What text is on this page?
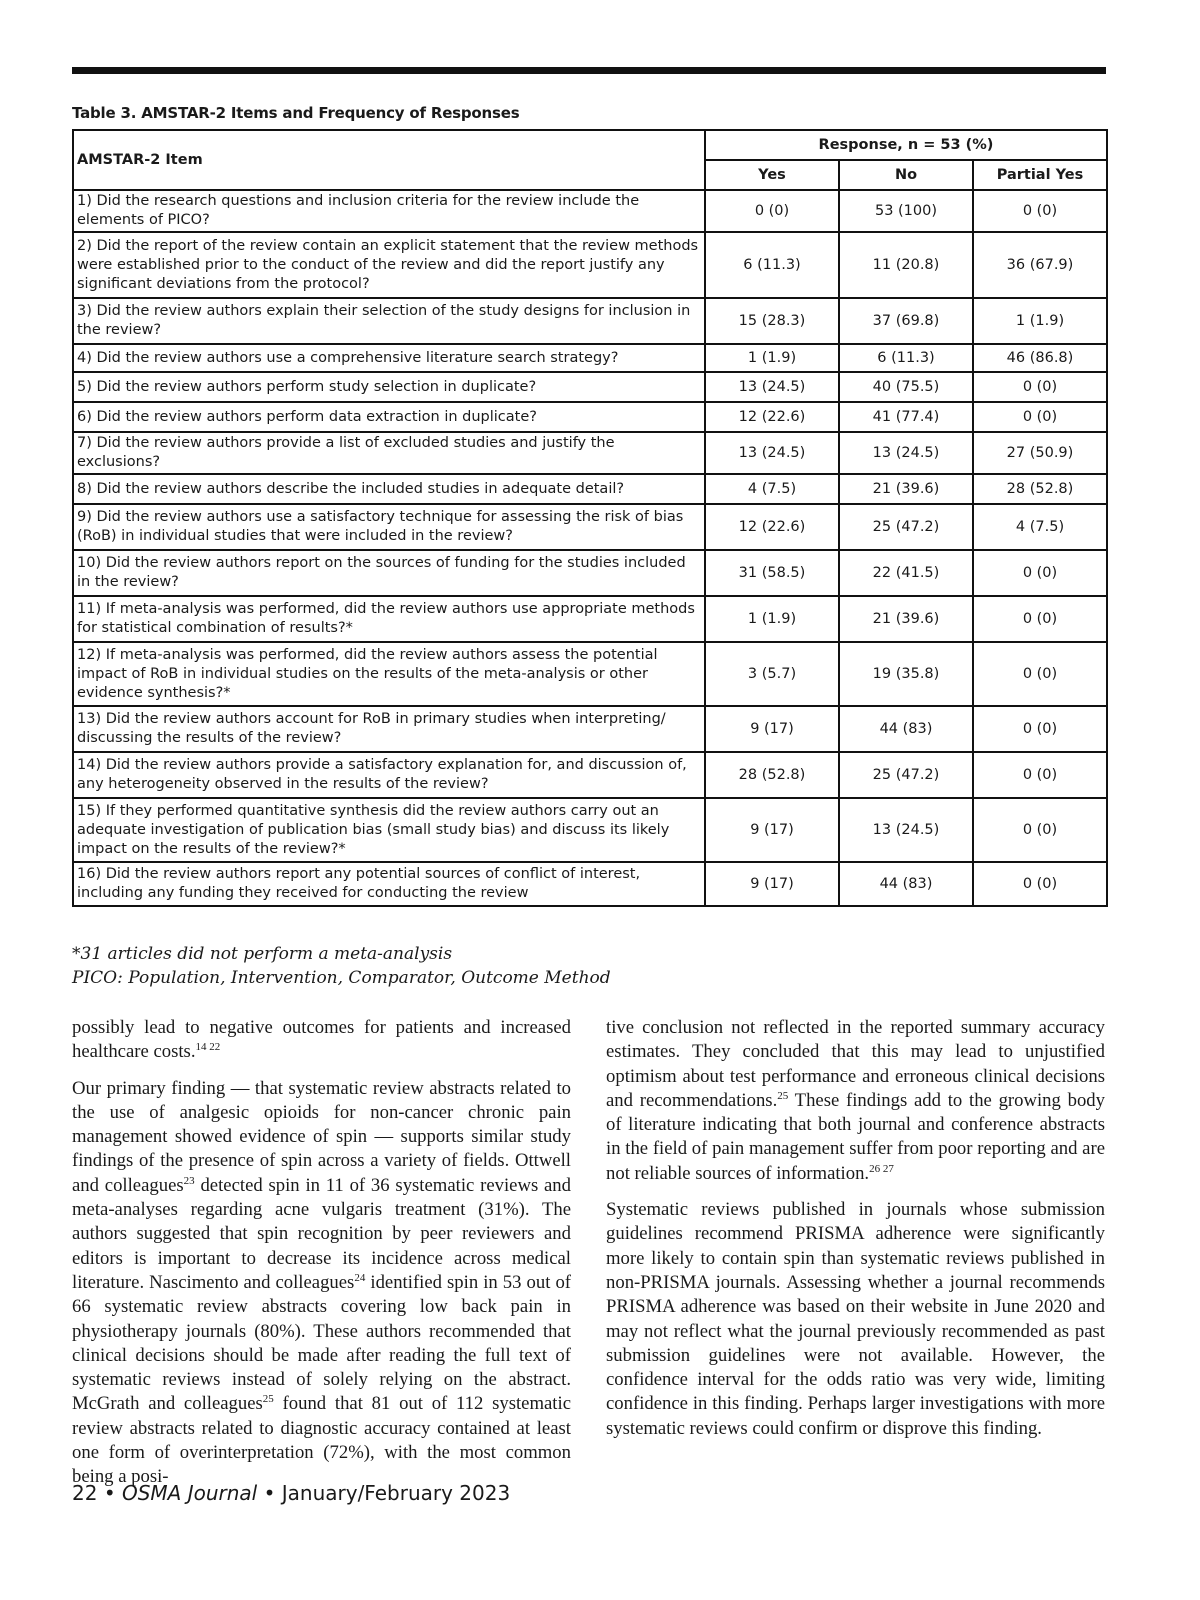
Table 3. AMSTAR-2 Items and Frequency of Responses
AMSTAR-2 Item	Response, n = 53 (%)		
	Yes	No	Partial Yes
1) Did the research questions and inclusion criteria for the review include the elements of PICO?	0 (0)	53 (100)	0 (0)
2) Did the report of the review contain an explicit statement that the review methods were established prior to the conduct of the review and did the report justify any significant deviations from the protocol?	6 (11.3)	11 (20.8)	36 (67.9)
3) Did the review authors explain their selection of the study designs for inclusion in the review?	15 (28.3)	37 (69.8)	1 (1.9)
4) Did the review authors use a comprehensive literature search strategy?	1 (1.9)	6 (11.3)	46 (86.8)
5) Did the review authors perform study selection in duplicate?	13 (24.5)	40 (75.5)	0 (0)
6) Did the review authors perform data extraction in duplicate?	12 (22.6)	41 (77.4)	0 (0)
7) Did the review authors provide a list of excluded studies and justify the exclusions?	13 (24.5)	13 (24.5)	27 (50.9)
8) Did the review authors describe the included studies in adequate detail?	4 (7.5)	21 (39.6)	28 (52.8)
9) Did the review authors use a satisfactory technique for assessing the risk of bias (RoB) in individual studies that were included in the review?	12 (22.6)	25 (47.2)	4 (7.5)
10) Did the review authors report on the sources of funding for the studies included in the review?	31 (58.5)	22 (41.5)	0 (0)
11) If meta-analysis was performed, did the review authors use appropriate methods for statistical combination of results?*	1 (1.9)	21 (39.6)	0 (0)
12) If meta-analysis was performed, did the review authors assess the potential impact of RoB in individual studies on the results of the meta-analysis or other evidence synthesis?*	3 (5.7)	19 (35.8)	0 (0)
13) Did the review authors account for RoB in primary studies when interpreting/ discussing the results of the review?	9 (17)	44 (83)	0 (0)
14) Did the review authors provide a satisfactory explanation for, and discussion of, any heterogeneity observed in the results of the review?	28 (52.8)	25 (47.2)	0 (0)
15) If they performed quantitative synthesis did the review authors carry out an adequate investigation of publication bias (small study bias) and discuss its likely impact on the results of the review?*	9 (17)	13 (24.5)	0 (0)
16) Did the review authors report any potential sources of conflict of interest, including any funding they received for conducting the review	9 (17)	44 (83)	0 (0)
*31 articles did not perform a meta-analysis
PICO: Population, Intervention, Comparator, Outcome Method

possibly lead to negative outcomes for patients and increased healthcare costs.$^{14 22}$

Our primary finding — that systematic review abstracts related to the use of analgesic opioids for non-cancer chronic pain management showed evidence of spin — supports similar study findings of the presence of spin across a variety of fields. Ottwell and colleagues$^{23}$ detected spin in 11 of 36 systematic reviews and meta-analyses regarding acne vulgaris treatment (31%). The authors suggested that spin recognition by peer reviewers and editors is important to decrease its incidence across medical literature. Nascimento and colleagues$^{24}$ identified spin in 53 out of 66 systematic review abstracts covering low back pain in physiotherapy journals (80%). These authors recommended that clinical decisions should be made after reading the full text of systematic reviews instead of solely relying on the abstract. McGrath and colleagues$^{25}$ found that 81 out of 112 systematic review abstracts related to diagnostic accuracy contained at least one form of overinterpretation (72%), with the most common being a posi-

tive conclusion not reflected in the reported summary accuracy estimates. They concluded that this may lead to unjustified optimism about test performance and erroneous clinical decisions and recommendations.$^{25}$ These findings add to the growing body of literature indicating that both journal and conference abstracts in the field of pain management suffer from poor reporting and are not reliable sources of information.$^{26 27}$

Systematic reviews published in journals whose submission guidelines recommend PRISMA adherence were significantly more likely to contain spin than systematic reviews published in non-PRISMA journals. Assessing whether a journal recommends PRISMA adherence was based on their website in June 2020 and may not reflect what the journal previously recommended as past submission guidelines were not available. However, the confidence interval for the odds ratio was very wide, limiting confidence in this finding. Perhaps larger investigations with more systematic reviews could confirm or disprove this finding.

22 • OSMA Journal • January/February 2023
